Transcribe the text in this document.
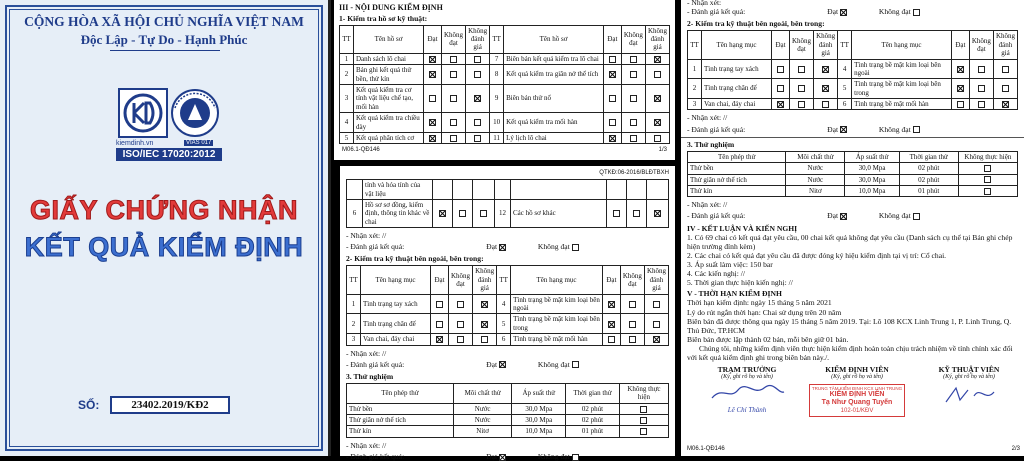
CỘNG HÒA XÃ HỘI CHỦ NGHĨA VIỆT NAM
Độc Lập - Tự Do - Hạnh Phúc
kiemdinh.vn	VIAS 017
ISO/IEC 17020:2012
GIẤY CHỨNG NHẬN
KẾT QUẢ KIỂM ĐỊNH
SỐ:	23402.2019/KĐ2
III - NỘI DUNG KIỂM ĐỊNH
1- Kiểm tra hồ sơ kỹ thuật:
TT	Tên hồ sơ	Đạt	Không đạt	Không đánh giá	TT	Tên hồ sơ	Đạt	Không đạt	Không đánh giá
1	Danh sách lô chai				7	Biên bản kết quả kiểm tra lô chai			
2	Bản ghi kết quả thử bền, thử kín				8	Kết quả kiểm tra giãn nở thể tích			
3	Kết quả kiểm tra cơ tính vật liệu chế tạo, mối hàn				9	Biên bản thử nổ			
4	Kết quả kiểm tra chiều dày				10	Kết quả kiểm tra mối hàn			
5	Kết quả phân tích cơ				11	Lý lịch lô chai			
M06.1-QĐ146	1/3
QTKĐ:06-2016/BLĐTBXH
	tính và hóa tính của vật liệu								
6	Hồ sơ sơ đồng, kiểm định, thông tin khác về chai				12	Các hồ sơ khác			
- Nhận xét: //
- Đánh giá kết quả:	Đạt	Không đạt
2- Kiểm tra kỹ thuật bên ngoài, bên trong:
TT	Tên hạng mục	Đạt	Không đạt	Không đánh giá	TT	Tên hạng mục	Đạt	Không đạt	Không đánh giá
1	Tình trạng tay xách				4	Tình trạng bề mặt kim loại bên ngoài			
2	Tình trạng chân đế				5	Tình trạng bề mặt kim loại bên trong			
3	Van chai, đáy chai				6	Tình trạng bề mặt mối hàn			
- Nhận xét: //
- Đánh giá kết quả:	Đạt	Không đạt
3. Thử nghiệm
Tên phép thử	Môi chất thử	Áp suất thử	Thời gian thử	Không thực hiện
Thử bền	Nước	30,0 Mpa	02 phút	
Thử giãn nở thể tích	Nước	30,0 Mpa	02 phút	
Thử kín	Nitơ	10,0 Mpa	01 phút	
- Nhận xét: //
- Đánh giá kết quả:	Đạt	Không đạt
- Nhận xét:
- Đánh giá kết quả:	Đạt	Không đạt
2- Kiểm tra kỹ thuật bên ngoài, bên trong:
TT	Tên hạng mục	Đạt	Không đạt	Không đánh giá	TT	Tên hạng mục	Đạt	Không đạt	Không đánh giá
1	Tình trạng tay xách				4	Tình trạng bề mặt kim loại bên ngoài			
2	Tình trạng chân đế				5	Tình trạng bề mặt kim loại bên trong			
3	Van chai, đáy chai				6	Tình trạng bề mặt mối hàn			
- Nhận xét: //
- Đánh giá kết quả:	Đạt	Không đạt
3. Thử nghiệm
Tên phép thử	Môi chất thử	Áp suất thử	Thời gian thử	Không thực hiện
Thử bền	Nước	30,0 Mpa	02 phút	
Thử giãn nở thể tích	Nước	30,0 Mpa	02 phút	
Thử kín	Nitơ	10,0 Mpa	01 phút	
- Nhận xét: //
- Đánh giá kết quả:	Đạt	Không đạt
IV - KẾT LUẬN VÀ KIẾN NGHỊ
1. Có 69 chai có kết quả đạt yêu cầu, 00 chai kết quả không đạt yêu cầu (Danh sách cụ thể tại Bản ghi chép hiện trường đính kèm)
2. Các chai có kết quả đạt yêu cầu đã được đóng ký hiệu kiểm định tại vị trí: Cổ chai.
3. Áp suất làm việc: 150 bar
4. Các kiến nghị: //
5. Thời gian thực hiện kiến nghị: //
V - THỜI HẠN KIỂM ĐỊNH
Thời hạn kiểm định: ngày 15 tháng 5 năm 2021
Lý do rút ngắn thời hạn: Chai sử dụng trên 20 năm
Biên bản đã được thông qua ngày 15 tháng 5 năm 2019. Tại: Lô 108 KCX Linh Trung 1, P. Linh Trung, Q. Thủ Đức, TP.HCM
Biên bản được lập thành 02 bản, mỗi bên giữ 01 bản.
Chúng tôi, những kiểm định viên thực hiện kiểm định hoàn toàn chịu trách nhiệm về tính chính xác đối với kết quả kiểm định ghi trong biên bản này./.
TRẠM TRƯỞNG
(Ký, ghi rõ họ và tên)
Lê Chí Thành
KIỂM ĐỊNH VIÊN
(Ký, ghi rõ họ và tên)
TRUNG TÂM KIỂM ĐỊNH KCX LINH TRUNG
KIỂM ĐỊNH VIÊN
Tạ Như Quang Tuyến
102-01/KĐV
KỸ THUẬT VIÊN
(Ký, ghi rõ họ và tên)
M06.1-QĐ146	2/3
